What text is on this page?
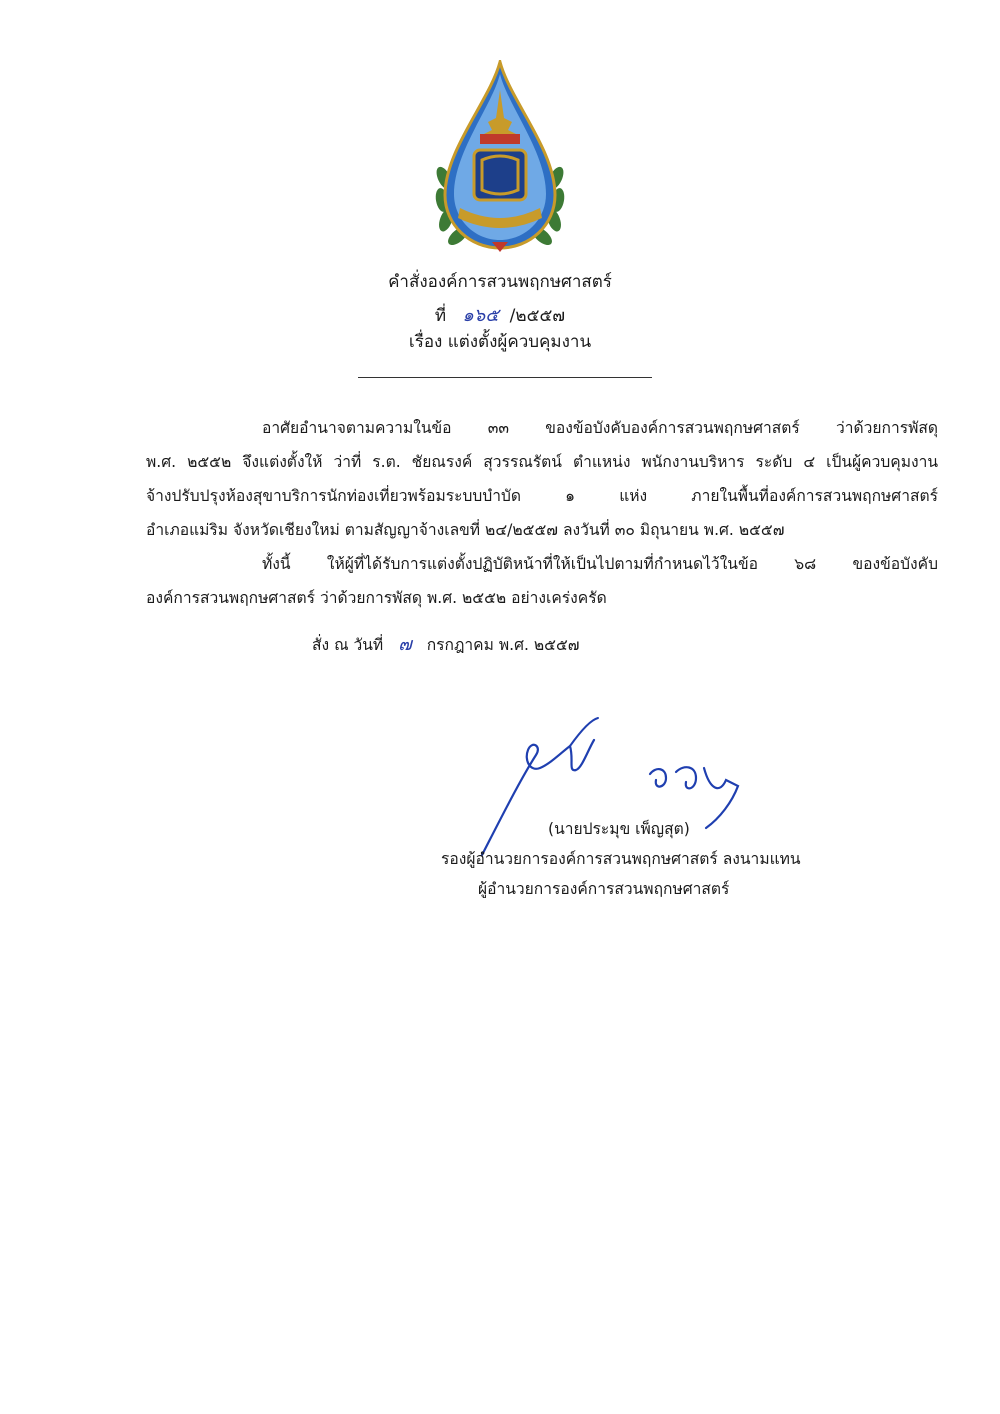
คำสั่งองค์การสวนพฤกษศาสตร์
ที่ ๑๖๕ /๒๕๕๗
เรื่อง แต่งตั้งผู้ควบคุมงาน
อาศัยอำนาจตามความในข้อ ๓๓ ของข้อบังคับองค์การสวนพฤกษศาสตร์ ว่าด้วยการพัสดุ
พ.ศ. ๒๕๕๒ จึงแต่งตั้งให้ ว่าที่ ร.ต. ชัยณรงค์ สุวรรณรัตน์ ตำแหน่ง พนักงานบริหาร ระดับ ๔ เป็นผู้ควบคุมงาน
จ้างปรับปรุงห้องสุขาบริการนักท่องเที่ยวพร้อมระบบบำบัด ๑ แห่ง ภายในพื้นที่องค์การสวนพฤกษศาสตร์
อำเภอแม่ริม จังหวัดเชียงใหม่ ตามสัญญาจ้างเลขที่ ๒๔/๒๕๕๗ ลงวันที่ ๓๐ มิถุนายน พ.ศ. ๒๕๕๗
ทั้งนี้ ให้ผู้ที่ได้รับการแต่งตั้งปฏิบัติหน้าที่ให้เป็นไปตามที่กำหนดไว้ในข้อ ๖๘ ของข้อบังคับ
องค์การสวนพฤกษศาสตร์ ว่าด้วยการพัสดุ พ.ศ. ๒๕๕๒ อย่างเคร่งครัด
สั่ง ณ วันที่ ๗ กรกฎาคม พ.ศ. ๒๕๕๗
(นายประมุข เพ็ญสุต)
รองผู้อำนวยการองค์การสวนพฤกษศาสตร์ ลงนามแทน
ผู้อำนวยการองค์การสวนพฤกษศาสตร์
